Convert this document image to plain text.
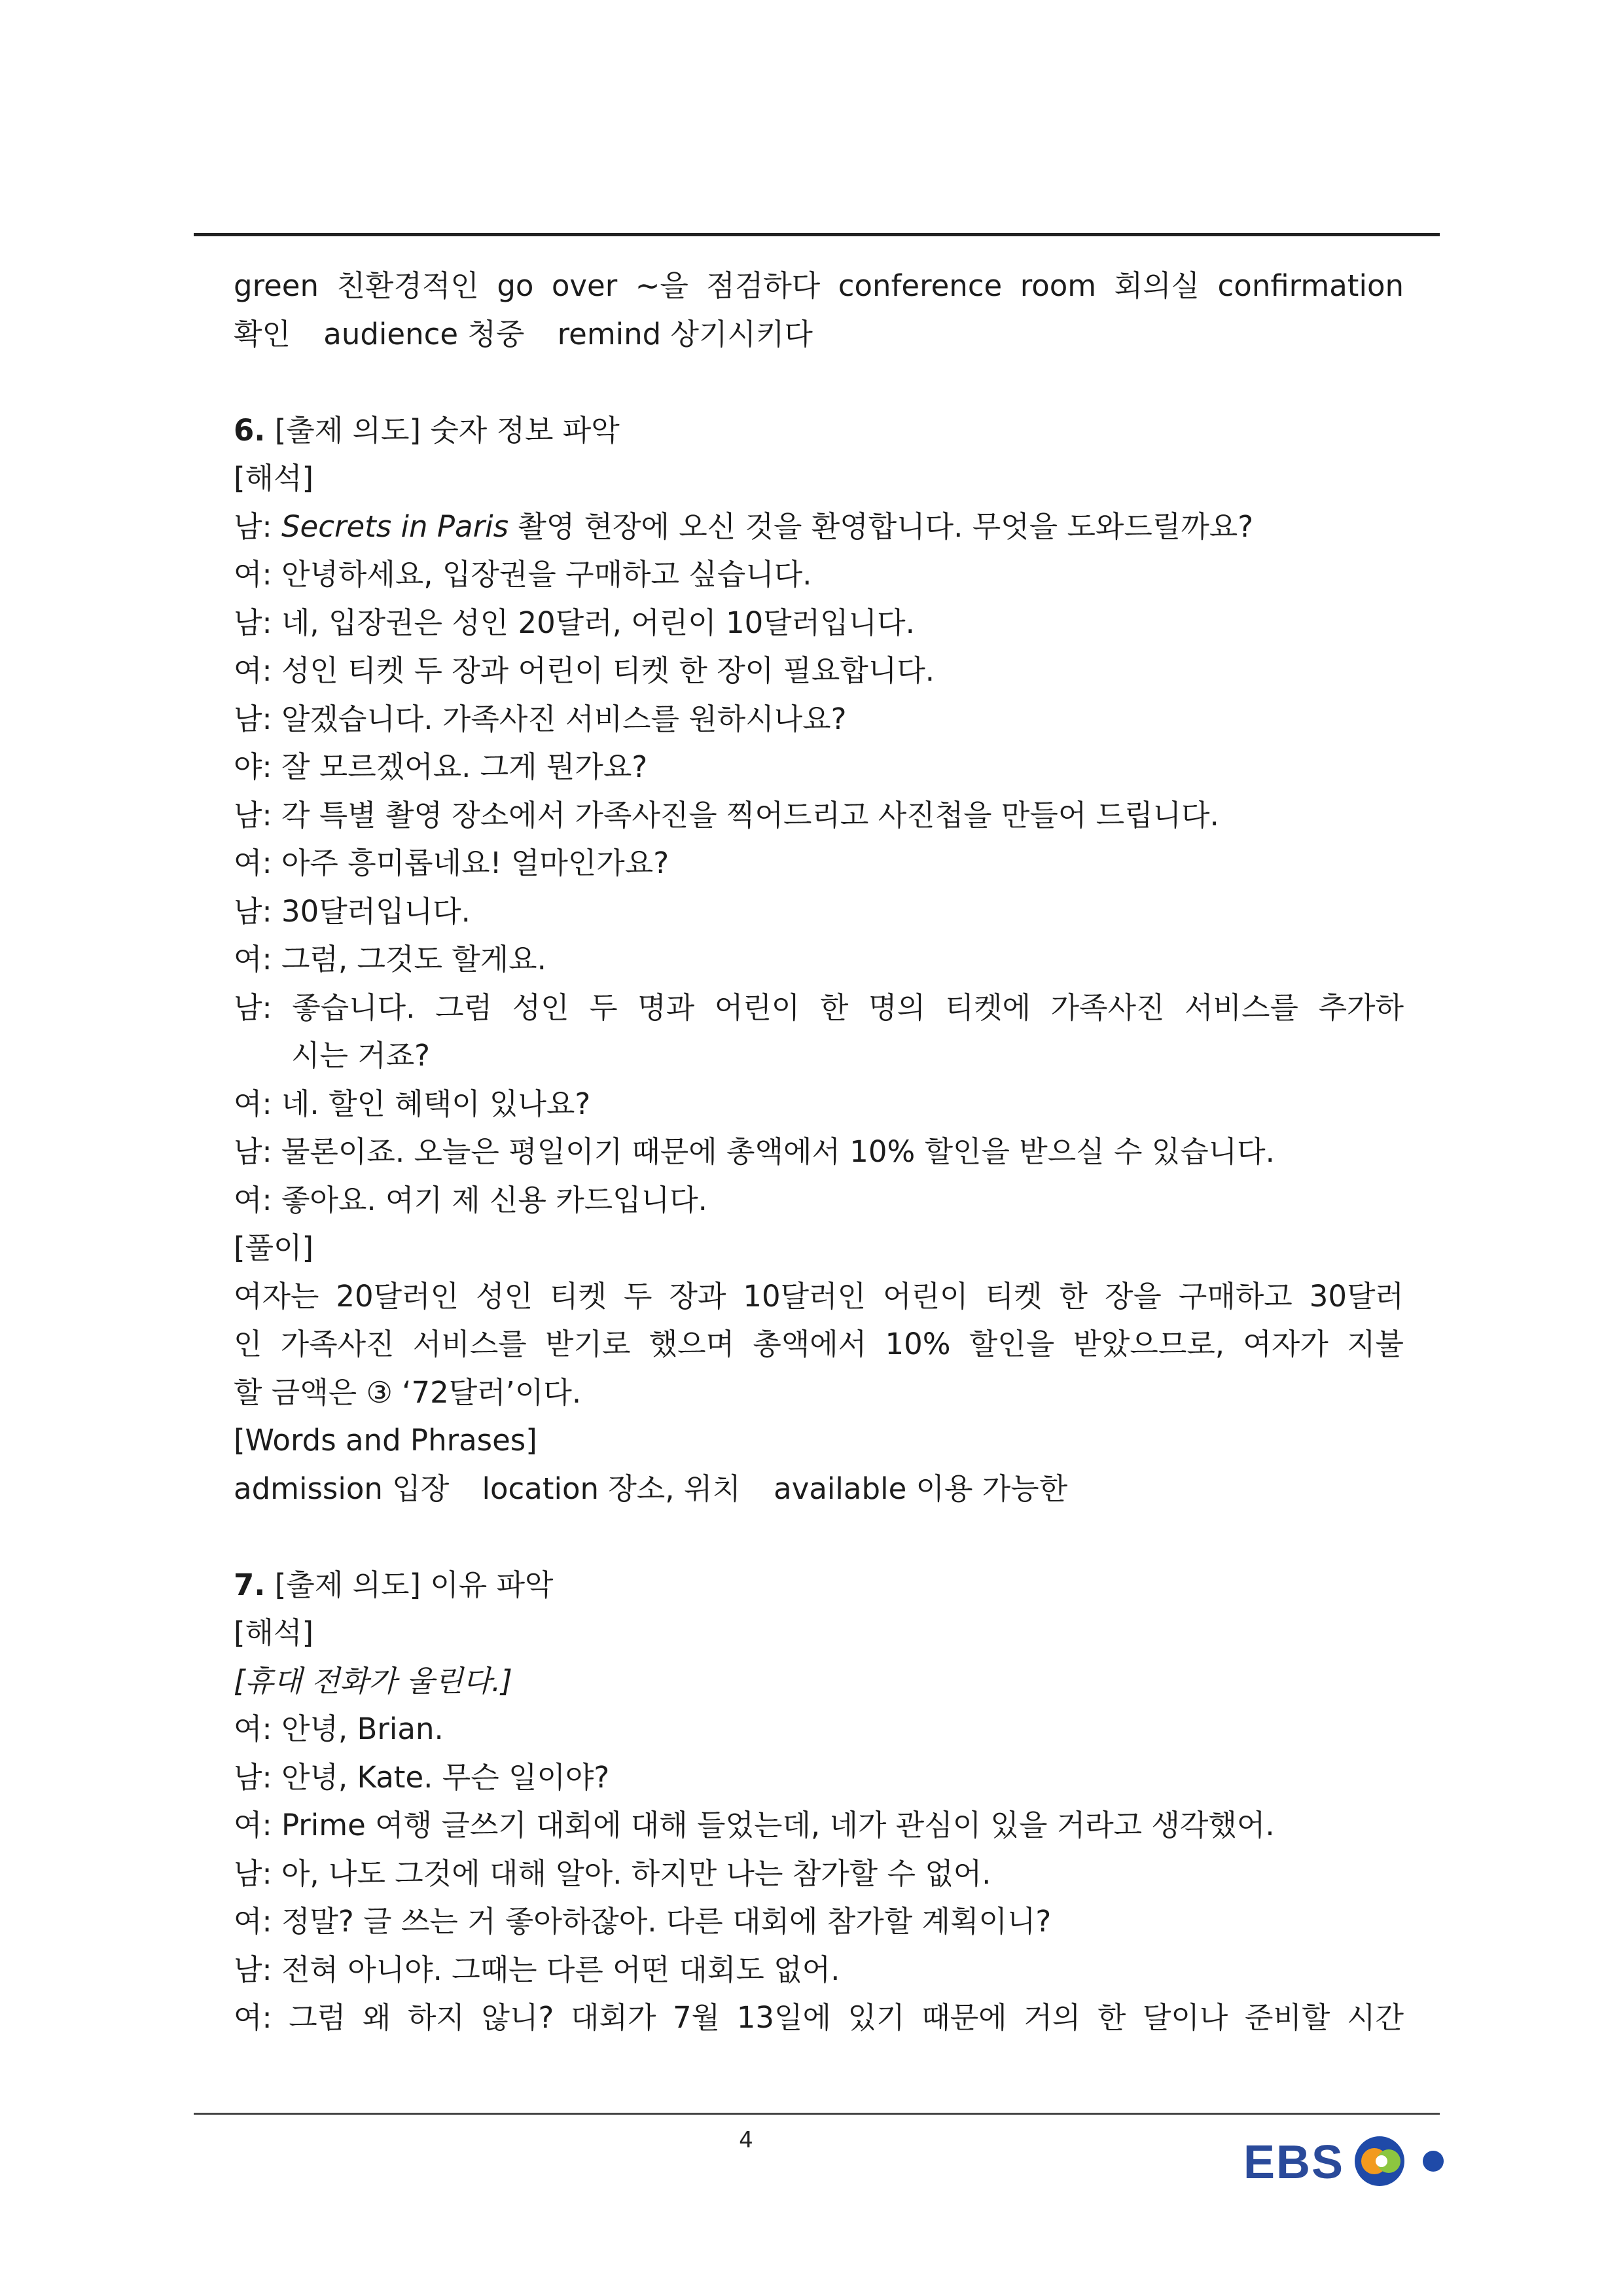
green 친환경적인 go over ~을 점검하다 conference room 회의실 confirmation
확인 audience 청중 remind 상기시키다
6. [출제 의도] 숫자 정보 파악
[해석]
남: Secrets in Paris 촬영 현장에 오신 것을 환영합니다. 무엇을 도와드릴까요?
여: 안녕하세요, 입장권을 구매하고 싶습니다.
남: 네, 입장권은 성인 20달러, 어린이 10달러입니다.
여: 성인 티켓 두 장과 어린이 티켓 한 장이 필요합니다.
남: 알겠습니다. 가족사진 서비스를 원하시나요?
야: 잘 모르겠어요. 그게 뭔가요?
남: 각 특별 촬영 장소에서 가족사진을 찍어드리고 사진첩을 만들어 드립니다.
여: 아주 흥미롭네요! 얼마인가요?
남: 30달러입니다.
여: 그럼, 그것도 할게요.
남: 좋습니다. 그럼 성인 두 명과 어린이 한 명의 티켓에 가족사진 서비스를 추가하
시는 거죠?
여: 네. 할인 혜택이 있나요?
남: 물론이죠. 오늘은 평일이기 때문에 총액에서 10% 할인을 받으실 수 있습니다.
여: 좋아요. 여기 제 신용 카드입니다.
[풀이]
여자는 20달러인 성인 티켓 두 장과 10달러인 어린이 티켓 한 장을 구매하고 30달러
인 가족사진 서비스를 받기로 했으며 총액에서 10% 할인을 받았으므로, 여자가 지불
할 금액은 ③ ‘72달러’이다.
[Words and Phrases]
admission 입장 location 장소, 위치 available 이용 가능한
7. [출제 의도] 이유 파악
[해석]
[휴대 전화가 울린다.]
여: 안녕, Brian.
남: 안녕, Kate. 무슨 일이야?
여: Prime 여행 글쓰기 대회에 대해 들었는데, 네가 관심이 있을 거라고 생각했어.
남: 아, 나도 그것에 대해 알아. 하지만 나는 참가할 수 없어.
여: 정말? 글 쓰는 거 좋아하잖아. 다른 대회에 참가할 계획이니?
남: 전혀 아니야. 그때는 다른 어떤 대회도 없어.
여: 그럼 왜 하지 않니? 대회가 7월 13일에 있기 때문에 거의 한 달이나 준비할 시간
4	EBS
